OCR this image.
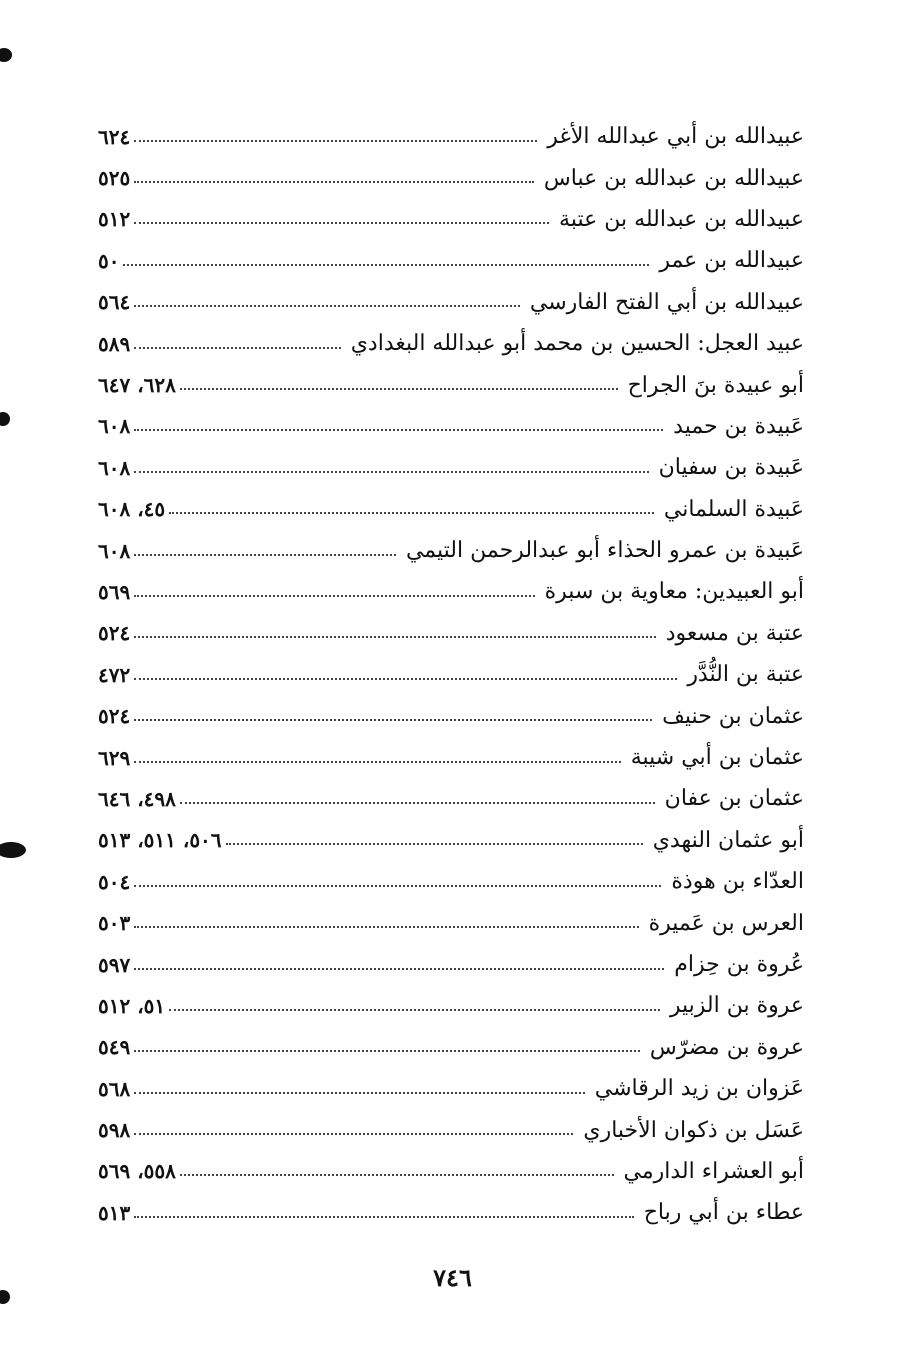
عبيدالله بن أبي عبدالله الأغر
٦٢٤
عبيدالله بن عبدالله بن عباس
٥٢٥
عبيدالله بن عبدالله بن عتبة
٥١٢
عبيدالله بن عمر
٥٠
عبيدالله بن أبي الفتح الفارسي
٥٦٤
عبيد العجل: الحسين بن محمد أبو عبدالله البغدادي
٥٨٩
أبو عبيدة بنَ الجراح
٦٢٨، ٦٤٧
عَبيدة بن حميد
٦٠٨
عَبيدة بن سفيان
٦٠٨
عَبيدة السلماني
٤٥، ٦٠٨
عَبيدة بن عمرو الحذاء أبو عبدالرحمن التيمي
٦٠٨
أبو العبيدين: معاوية بن سبرة
٥٦٩
عتبة بن مسعود
٥٢٤
عتبة بن النُّدَّر
٤٧٢
عثمان بن حنيف
٥٢٤
عثمان بن أبي شيبة
٦٢٩
عثمان بن عفان
٤٩٨، ٦٤٦
أبو عثمان النهدي
٥٠٦، ٥١١، ٥١٣
العدّاء بن هوذة
٥٠٤
العرس بن عَميرة
٥٠٣
عُروة بن حِزام
٥٩٧
عروة بن الزبير
٥١، ٥١٢
عروة بن مضرّس
٥٤٩
عَزوان بن زيد الرقاشي
٥٦٨
عَسَل بن ذكوان الأخباري
٥٩٨
أبو العشراء الدارمي
٥٥٨، ٥٦٩
عطاء بن أبي رباح
٥١٣
٧٤٦
